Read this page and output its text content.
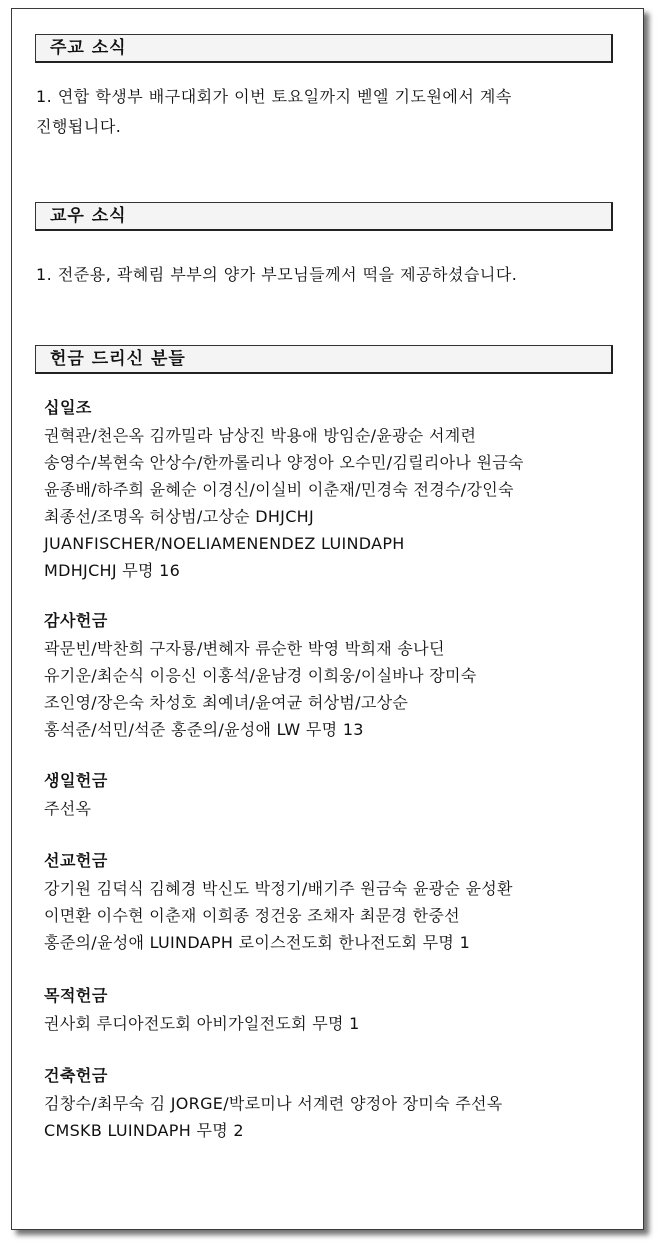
주교 소식
1. 연합 학생부 배구대회가 이번 토요일까지 벧엘 기도원에서 계속
진행됩니다.
교우 소식
1. 전준용, 곽혜림 부부의 양가 부모님들께서 떡을 제공하셨습니다.
헌금 드리신 분들
십일조
권혁관/천은옥 김까밀라 남상진 박용애 방임순/윤광순 서계련
송영수/복현숙 안상수/한까롤리나 양정아 오수민/김릴리아나 원금숙
윤종배/하주희 윤혜순 이경신/이실비 이춘재/민경숙 전경수/강인숙
최종선/조명옥 허상범/고상순 DHJCHJ
JUANFISCHER/NOELIAMENENDEZ LUINDAPH
MDHJCHJ 무명 16
감사헌금
곽문빈/박찬희 구자룡/변혜자 류순한 박영 박희재 송나딘
유기운/최순식 이응신 이홍석/윤남경 이희웅/이실바나 장미숙
조인영/장은숙 차성호 최예녀/윤여균 허상범/고상순
홍석준/석민/석준 홍준의/윤성애 LW 무명 13
생일헌금
주선옥
선교헌금
강기원 김덕식 김혜경 박신도 박정기/배기주 원금숙 윤광순 윤성환
이면환 이수현 이춘재 이희종 정건웅 조채자 최문경 한중선
홍준의/윤성애 LUINDAPH 로이스전도회 한나전도회 무명 1
목적헌금
권사회 루디아전도회 아비가일전도회 무명 1
건축헌금
김창수/최무숙 김 JORGE/박로미나 서계련 양정아 장미숙 주선옥
CMSKB LUINDAPH 무명 2
